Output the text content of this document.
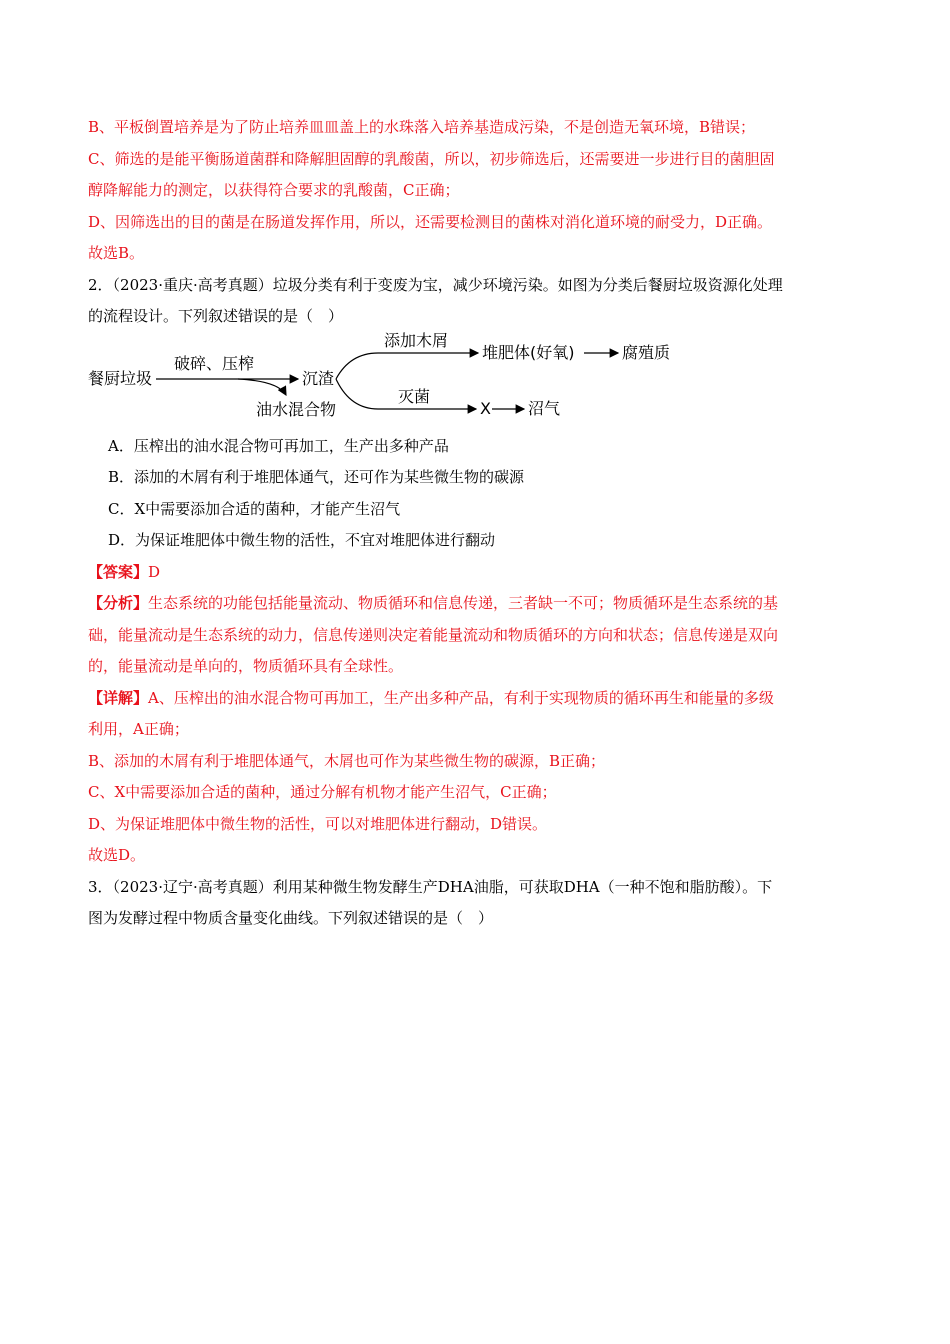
B、平板倒置培养是为了防止培养皿皿盖上的水珠落入培养基造成污染，不是创造无氧环境，B错误；
C、筛选的是能平衡肠道菌群和降解胆固醇的乳酸菌，所以，初步筛选后，还需要进一步进行目的菌胆固
醇降解能力的测定，以获得符合要求的乳酸菌，C正确；
D、因筛选出的目的菌是在肠道发挥作用，所以，还需要检测目的菌株对消化道环境的耐受力，D正确。
故选B。
2．（2023·重庆·高考真题）垃圾分类有利于变废为宝，减少环境污染。如图为分类后餐厨垃圾资源化处理
的流程设计。下列叙述错误的是（　）
餐厨垃圾
破碎、压榨
沉渣
油水混合物
添加木屑
堆肥体(好氧)	腐殖质
灭菌
X 沼气
A．压榨出的油水混合物可再加工，生产出多种产品
B．添加的木屑有利于堆肥体通气，还可作为某些微生物的碳源
C．X中需要添加合适的菌种，才能产生沼气
D．为保证堆肥体中微生物的活性，不宜对堆肥体进行翻动
【答案】D
【分析】生态系统的功能包括能量流动、物质循环和信息传递，三者缺一不可；物质循环是生态系统的基
础，能量流动是生态系统的动力，信息传递则决定着能量流动和物质循环的方向和状态；信息传递是双向
的，能量流动是单向的，物质循环具有全球性。
【详解】A、压榨出的油水混合物可再加工，生产出多种产品，有利于实现物质的循环再生和能量的多级
利用，A正确；
B、添加的木屑有利于堆肥体通气，木屑也可作为某些微生物的碳源，B正确；
C、X中需要添加合适的菌种，通过分解有机物才能产生沼气，C正确；
D、为保证堆肥体中微生物的活性，可以对堆肥体进行翻动，D错误。
故选D。
3．（2023·辽宁·高考真题）利用某种微生物发酵生产DHA油脂，可获取DHA（一种不饱和脂肪酸）。下
图为发酵过程中物质含量变化曲线。下列叙述错误的是（　）
